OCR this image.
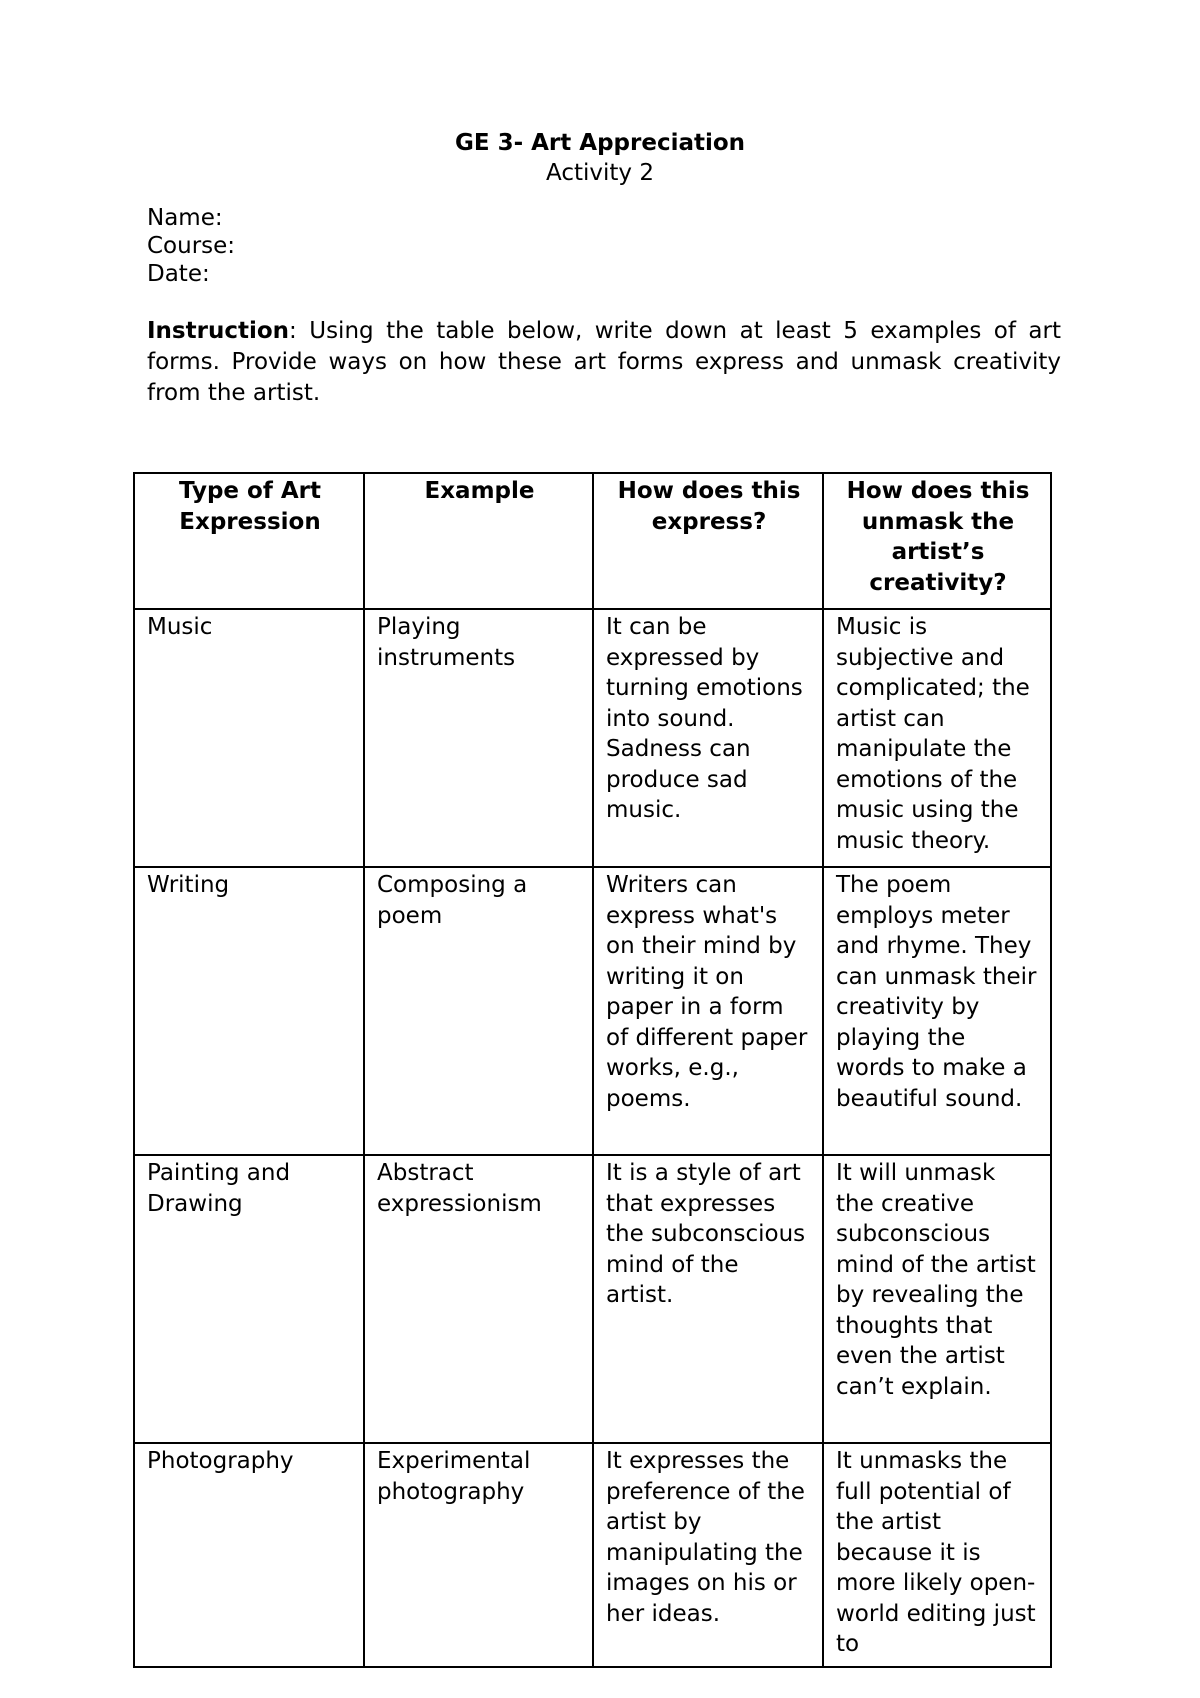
GE 3- Art Appreciation
Activity 2
Name:
Course:
Date:
Instruction: Using the table below, write down at least 5 examples of art forms. Provide ways on how these art forms express and unmask creativity from the artist.
Type of Art Expression	Example	How does this express?	How does this unmask the artist’s creativity?
Music	Playing instruments	It can be expressed by turning emotions into sound. Sadness can produce sad music.	Music is subjective and complicated; the artist can manipulate the emotions of the music using the music theory.
Writing	Composing a poem	Writers can express what's on their mind by writing it on paper in a form of different paper works, e.g., poems.	The poem employs meter and rhyme. They can unmask their creativity by playing the words to make a beautiful sound.
Painting and Drawing	Abstract expressionism	It is a style of art that expresses the subconscious mind of the artist.	It will unmask the creative subconscious mind of the artist by revealing the thoughts that even the artist can’t explain.
Photography	Experimental photography	It expresses the preference of the artist by manipulating the images on his or her ideas.	It unmasks the full potential of the artist because it is more likely open-world editing just to
